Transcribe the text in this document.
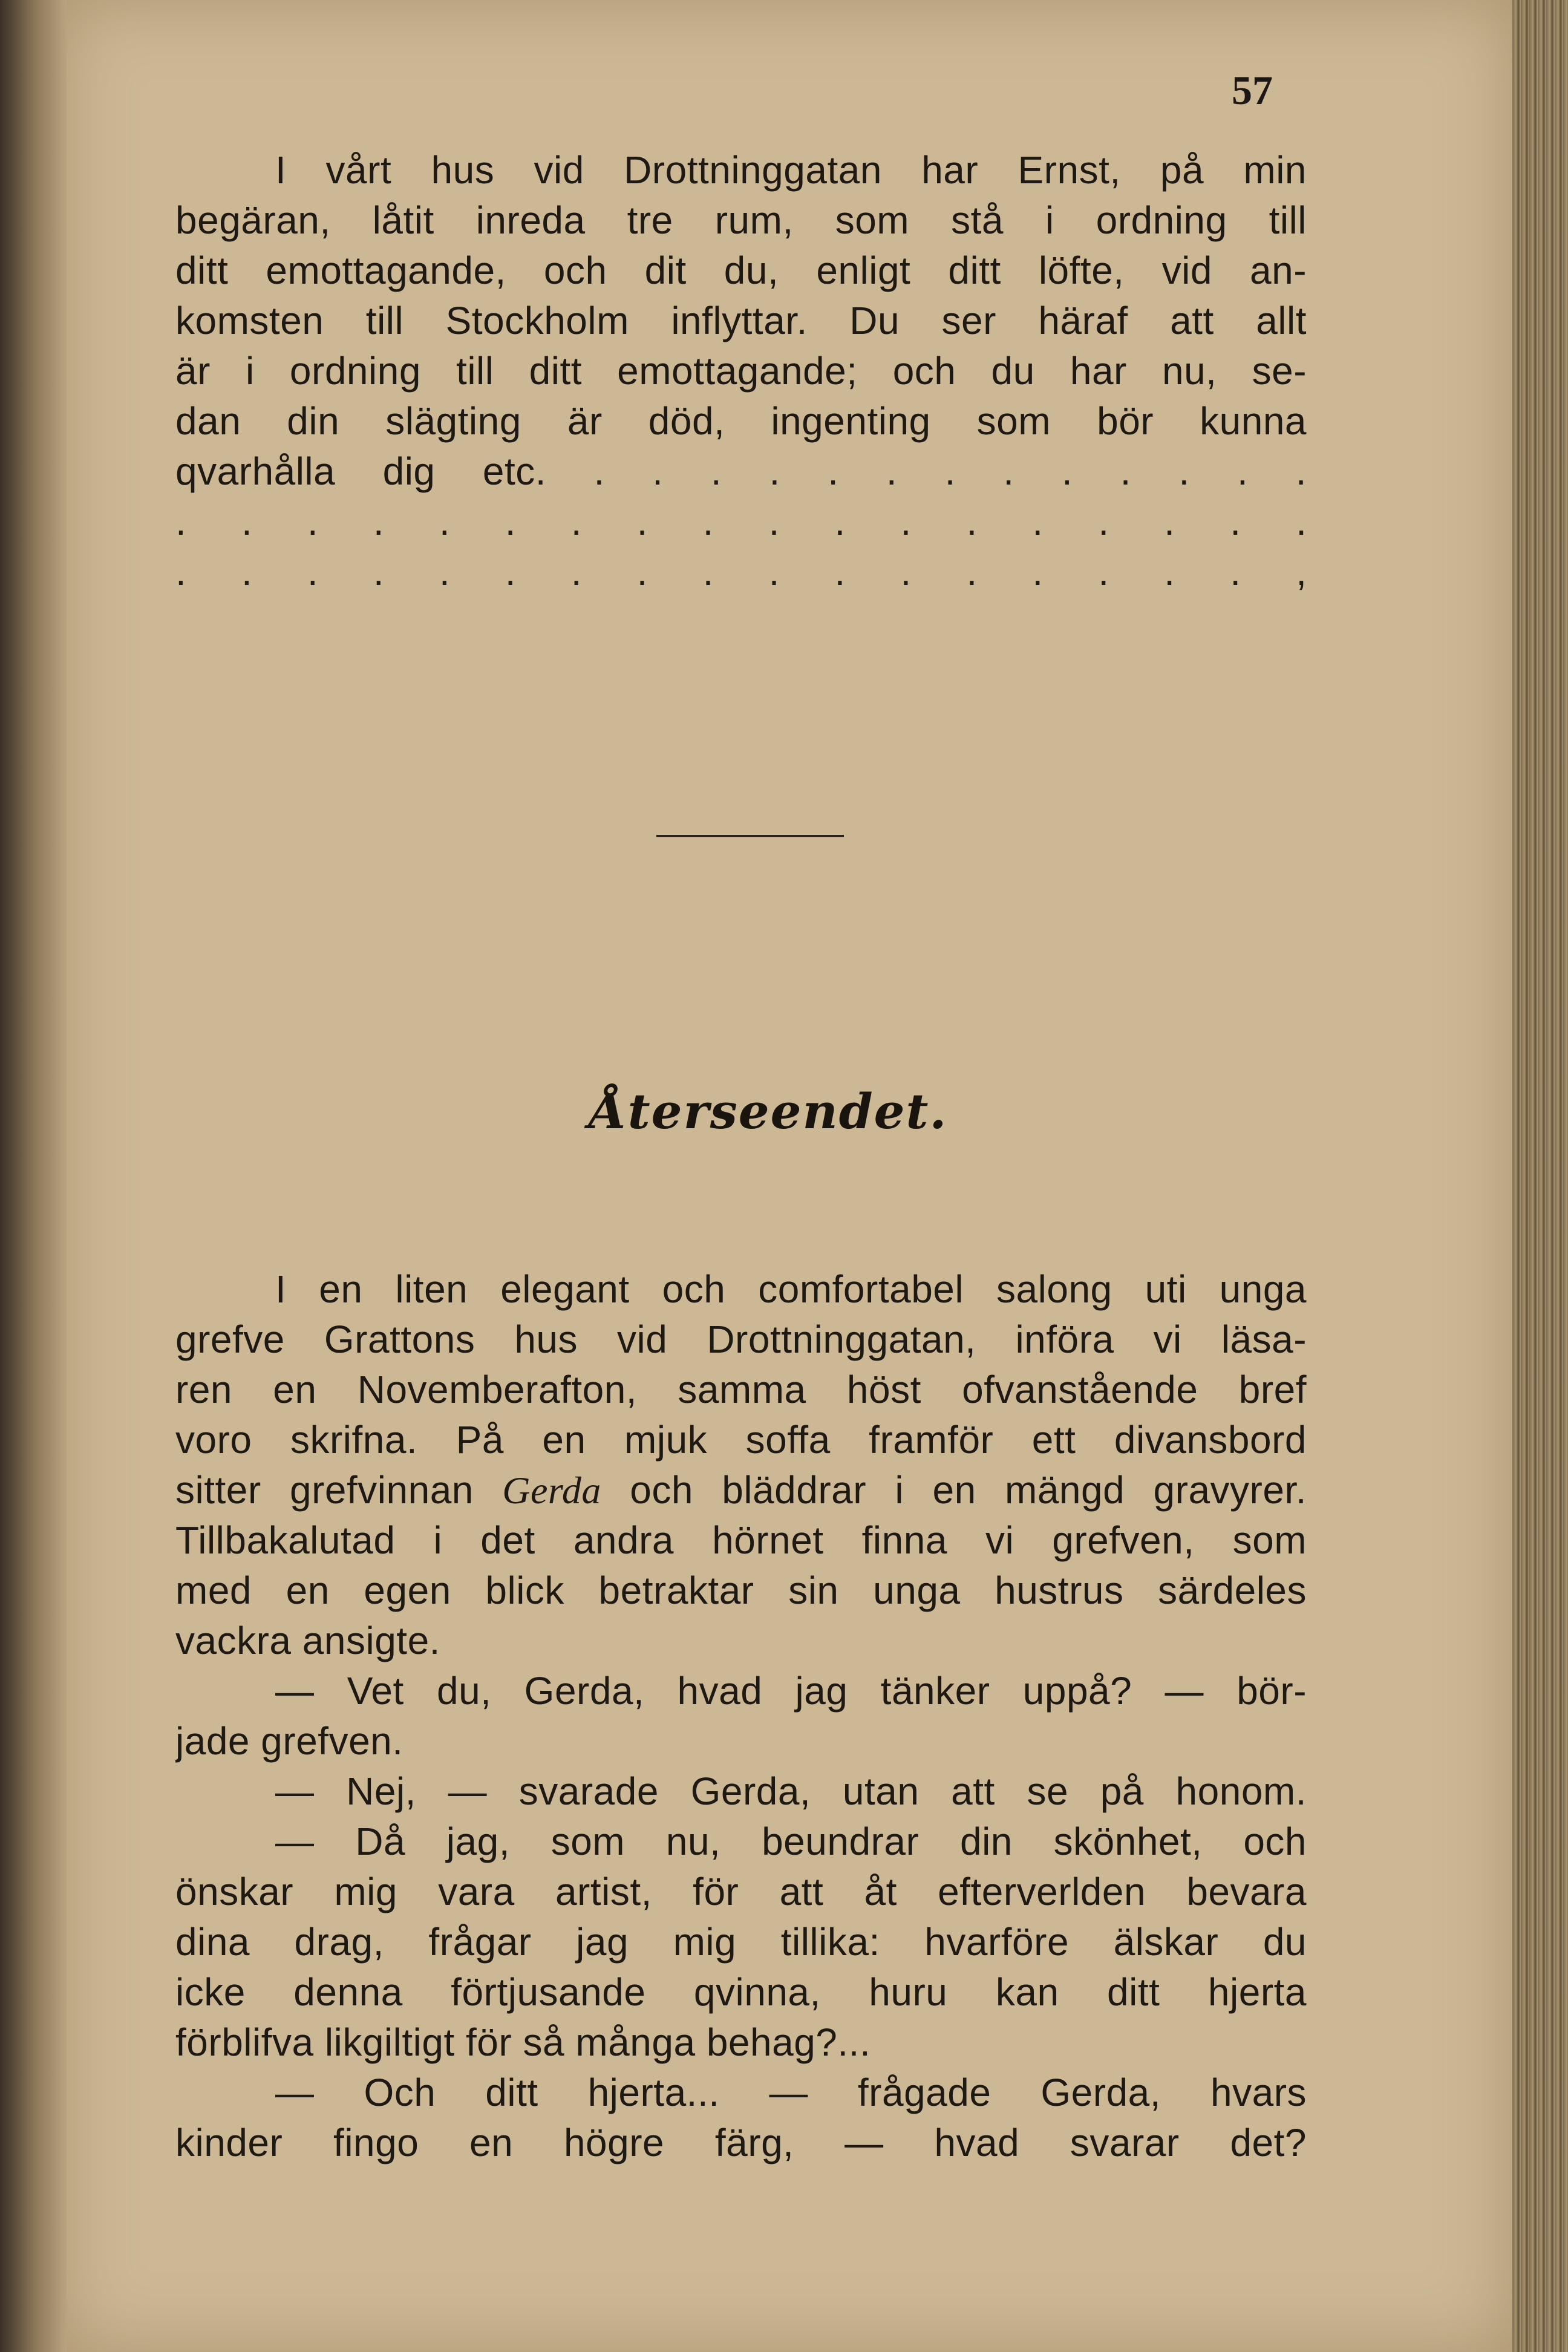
57
I vårt hus vid Drottninggatan har Ernst, på min
begäran, låtit inreda tre rum, som stå i ordning till
ditt emottagande, och dit du, enligt ditt löfte, vid an-
komsten till Stockholm inflyttar. Du ser häraf att allt
är i ordning till ditt emottagande; och du har nu, se-
dan din slägting är död, ingenting som bör kunna
qvarhålla dig etc. . . . . . . . . . . . . .
. . . . . . . . . . . . . . . . . .
. . . . . . . . . . . . . . . . . ,
Återseendet.
I en liten elegant och comfortabel salong uti unga
grefve Grattons hus vid Drottninggatan, införa vi läsa-
ren en Novemberafton, samma höst ofvanstående bref
voro skrifna. På en mjuk soffa framför ett divansbord
sitter grefvinnan Gerda och bläddrar i en mängd gravyrer.
Tillbakalutad i det andra hörnet finna vi grefven, som
med en egen blick betraktar sin unga hustrus särdeles
vackra ansigte.
— Vet du, Gerda, hvad jag tänker uppå? — bör-
jade grefven.
— Nej, — svarade Gerda, utan att se på honom.
— Då jag, som nu, beundrar din skönhet, och
önskar mig vara artist, för att åt efterverlden bevara
dina drag, frågar jag mig tillika: hvarföre älskar du
icke denna förtjusande qvinna, huru kan ditt hjerta
förblifva likgiltigt för så många behag?...
— Och ditt hjerta... — frågade Gerda, hvars
kinder fingo en högre färg, — hvad svarar det?
